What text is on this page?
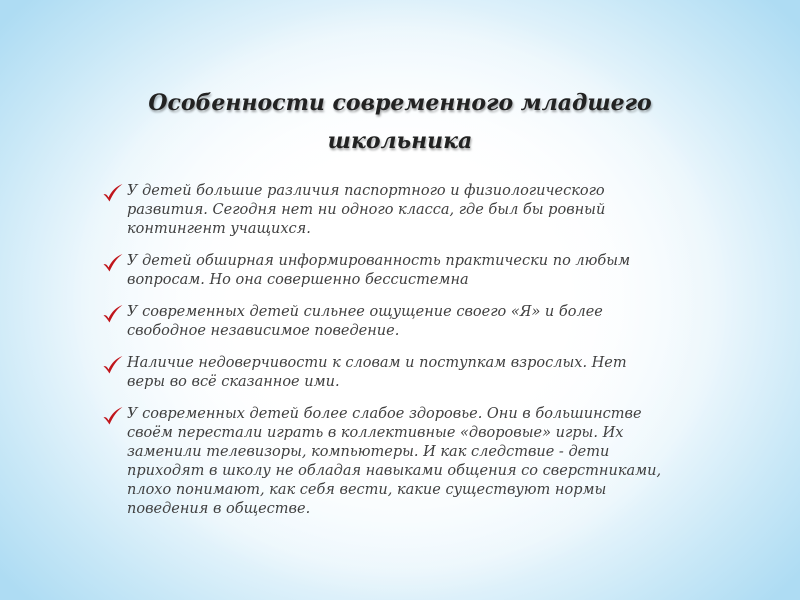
Особенности современного младшего
школьника
У детей большие различия паспортного и физиологического развития. Сегодня нет ни одного класса, где был бы ровный контингент учащихся.
У детей обширная информированность практически по любым вопросам. Но она совершенно бессистемна
У современных детей сильнее ощущение своего «Я» и более свободное независимое поведение.
Наличие недоверчивости к словам и поступкам взрослых. Нет веры во всё сказанное ими.
У современных детей более слабое здоровье. Они в большинстве своём перестали играть в коллективные «дворовые» игры. Их заменили телевизоры, компьютеры. И как следствие - дети приходят в школу не обладая навыками общения со сверстниками, плохо понимают, как себя вести, какие существуют нормы поведения в обществе.
